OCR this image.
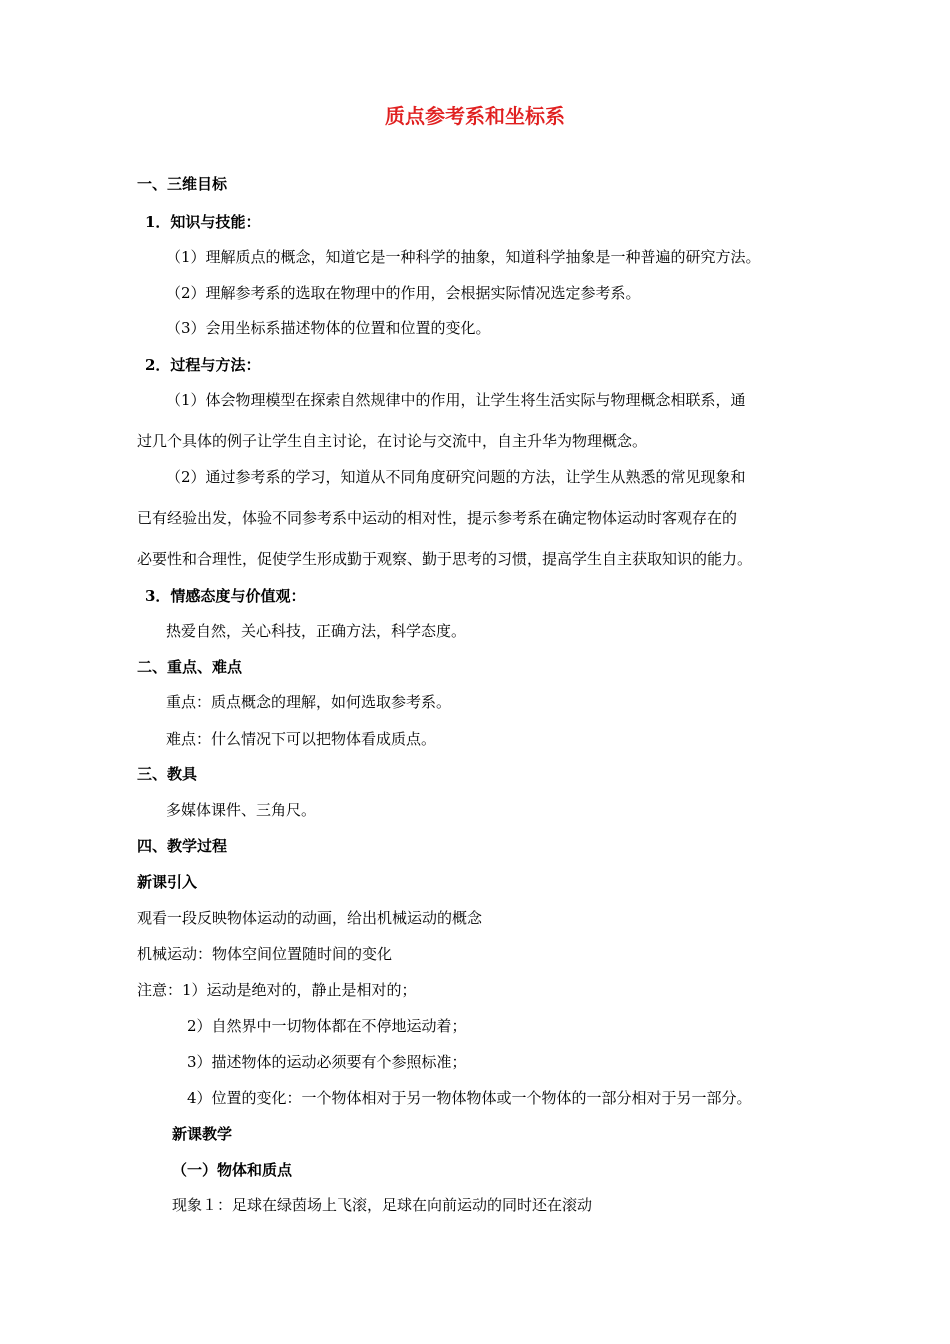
质点参考系和坐标系
一、三维目标
1．知识与技能：
（1）理解质点的概念，知道它是一种科学的抽象，知道科学抽象是一种普遍的研究方法。
（2）理解参考系的选取在物理中的作用，会根据实际情况选定参考系。
（3）会用坐标系描述物体的位置和位置的变化。
2．过程与方法：
（1）体会物理模型在探索自然规律中的作用，让学生将生活实际与物理概念相联系，通
过几个具体的例子让学生自主讨论，在讨论与交流中，自主升华为物理概念。
（2）通过参考系的学习，知道从不同角度研究问题的方法，让学生从熟悉的常见现象和
已有经验出发，体验不同参考系中运动的相对性，提示参考系在确定物体运动时客观存在的
必要性和合理性，促使学生形成勤于观察、勤于思考的习惯，提高学生自主获取知识的能力。
3．情感态度与价值观：
热爱自然，关心科技，正确方法，科学态度。
二、重点、难点
重点：质点概念的理解，如何选取参考系。
难点：什么情况下可以把物体看成质点。
三、教具
多媒体课件、三角尺。
四、教学过程
新课引入
观看一段反映物体运动的动画，给出机械运动的概念
机械运动：物体空间位置随时间的变化
注意：1）运动是绝对的，静止是相对的；
2）自然界中一切物体都在不停地运动着；
3）描述物体的运动必须要有个参照标准；
4）位置的变化：一个物体相对于另一物体物体或一个物体的一部分相对于另一部分。
新课教学
（一）物体和质点
现象１：足球在绿茵场上飞滚，足球在向前运动的同时还在滚动
